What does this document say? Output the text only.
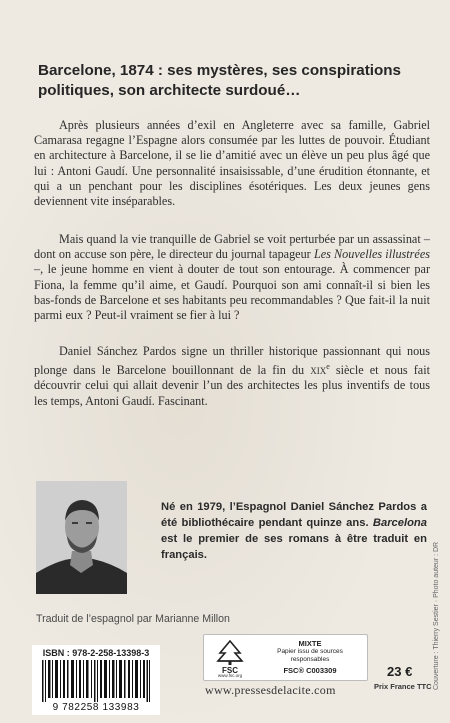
Barcelone, 1874 : ses mystères, ses conspirations politiques, son architecte surdoué…

Après plusieurs années d’exil en Angleterre avec sa famille, Gabriel Camarasa regagne l’Espagne alors consumée par les luttes de pouvoir. Étudiant en architecture à Barcelone, il se lie d’amitié avec un élève un peu plus âgé que lui : Antoni Gaudí. Une personnalité insaisissable, d’une érudition étonnante, et qui a un penchant pour les disciplines ésotériques. Les deux jeunes gens deviennent vite inséparables.

Mais quand la vie tranquille de Gabriel se voit perturbée par un assassinat – dont on accuse son père, le directeur du journal tapageur Les Nouvelles illustrées –, le jeune homme en vient à douter de tout son entourage. À commencer par Fiona, la femme qu’il aime, et Gaudí. Pourquoi son ami connaît-il si bien les bas-fonds de Barcelone et ses habitants peu recommandables ? Que fait-il la nuit parmi eux ? Peut-il vraiment se fier à lui ?

Daniel Sánchez Pardos signe un thriller historique passionnant qui nous plonge dans le Barcelone bouillonnant de la fin du xix$^e$ siècle et nous fait découvrir celui qui allait devenir l’un des architectes les plus inventifs de tous les temps, Antoni Gaudí. Fascinant.

Né en 1979, l’Espagnol Daniel Sánchez Pardos a été bibliothécaire pendant quinze ans. Barcelona est le premier de ses romans à être traduit en français.

Traduit de l’espagnol par Marianne Millon	Couverture : Thierry Sestier · Photo auteur : DR
ISBN : 978-2-258-13398-3
9 782258 133983
FSC
www.fsc.org
MIXTE
Papier issu de sources
responsables
FSC® C003309
www.pressesdelacite.com
23 €
Prix France TTC
